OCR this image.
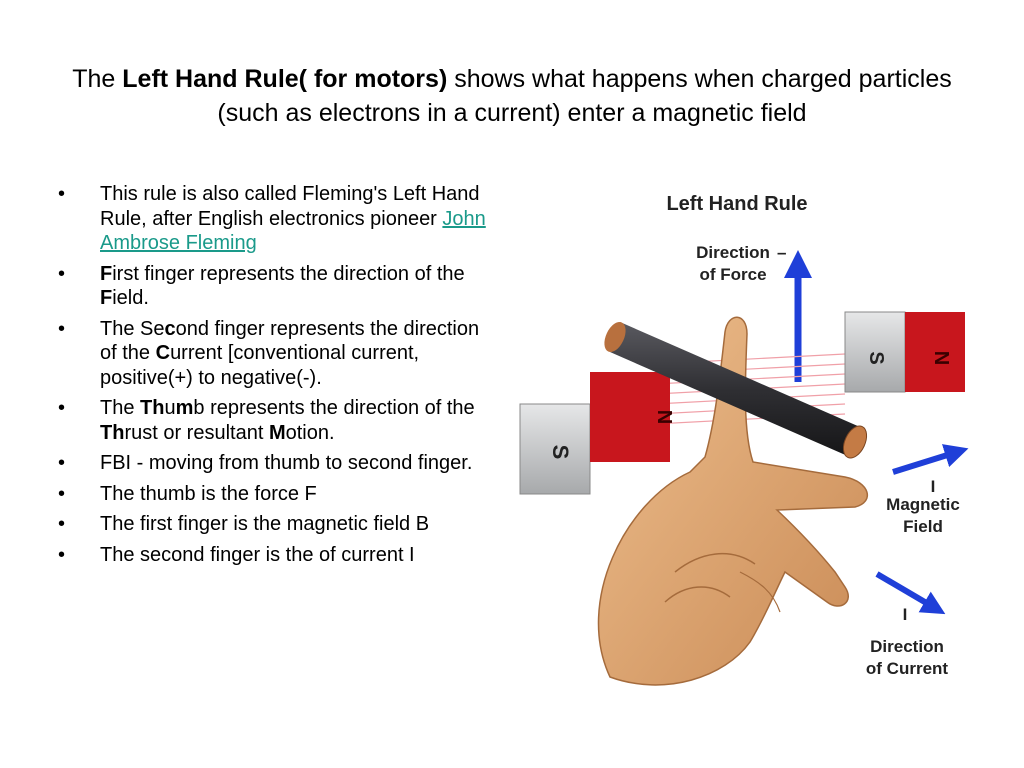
The Left Hand Rule( for motors) shows what happens when charged particles (such as electrons in a current) enter a magnetic field
• This rule is also called Fleming's Left Hand Rule, after English electronics pioneer John Ambrose Fleming
• First finger represents the direction of the Field.
• The Second finger represents the direction of the Current [conventional current, positive(+) to negative(-).
• The Thumb represents the direction of the Thrust or resultant Motion.
• FBI - moving from thumb to second finger.
• The thumb is the force F
• The first finger is the magnetic field B
• The second finger is the of current I
Left Hand Rule
Direction
of Force
–
S N
S
N
I
Magnetic
Field
I
Direction
of Current
